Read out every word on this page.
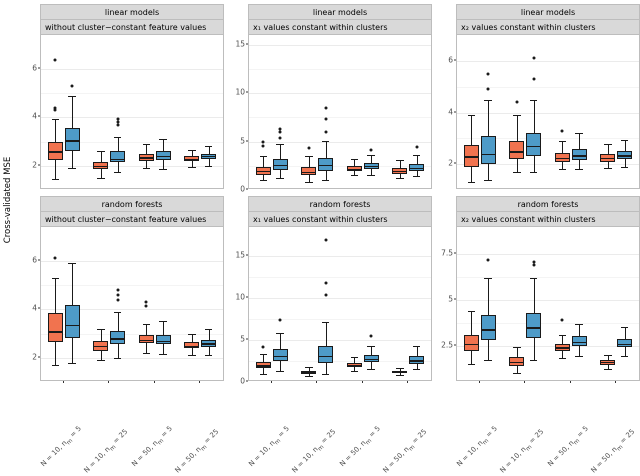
Cross-validated MSE
linear models
without cluster−constant feature values
2
4
6
linear models
x₁ values constant within clusters
0
5
10
15
linear models
x₂ values constant within clusters
2
4
6
random forests
without cluster−constant feature values
2
4
6
N = 10, $n_m = 5$
N = 10, $n_m = 25$
N = 50, $n_m = 5$
N = 50, $n_m = 25$
random forests
x₁ values constant within clusters
0
5
10
15
N = 10, $n_m = 5$
N = 10, $n_m = 25$
N = 50, $n_m = 5$
N = 50, $n_m = 25$
random forests
x₂ values constant within clusters
2.5
5
7.5
N = 10, $n_m = 5$
N = 10, $n_m = 25$
N = 50, $n_m = 5$
N = 50, $n_m = 25$
